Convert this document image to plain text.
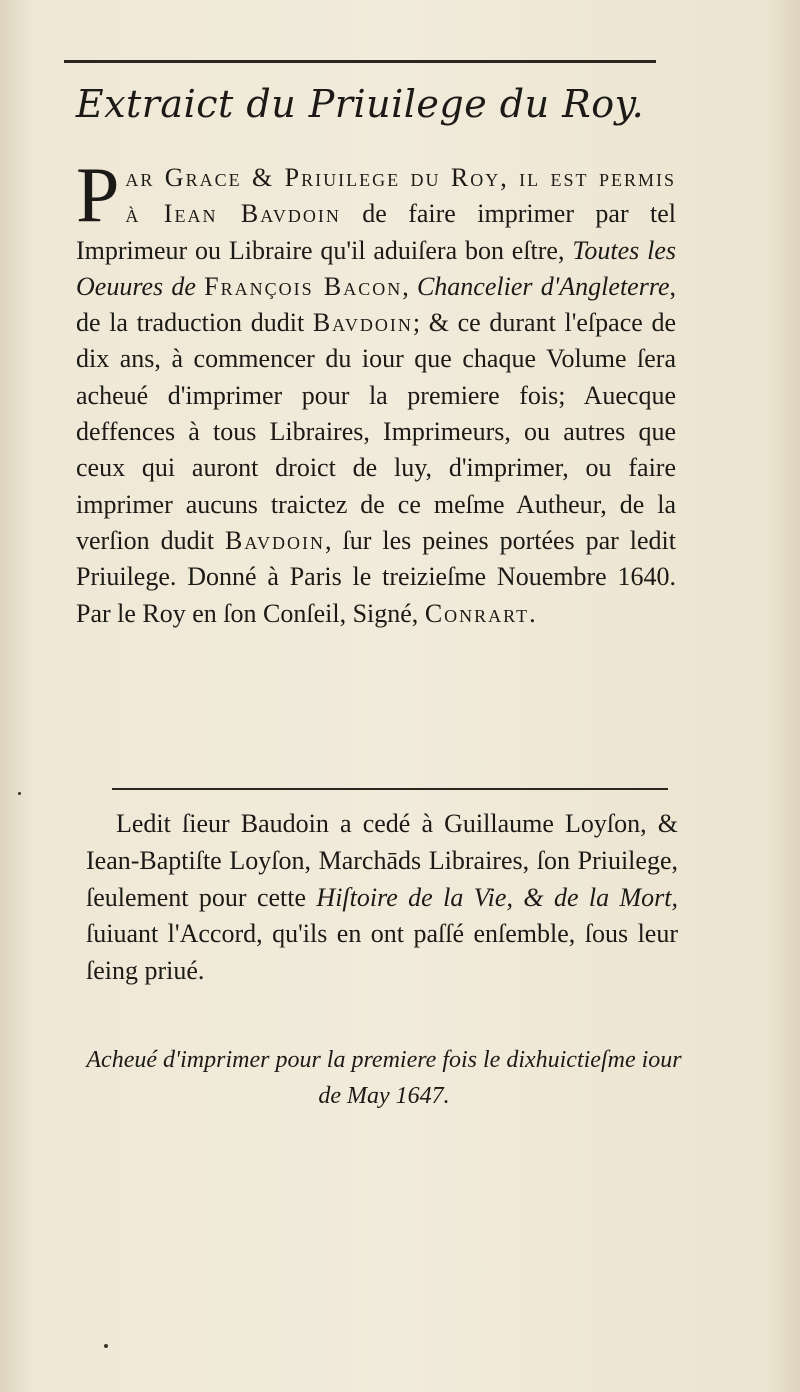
Extraict du Priuilege du Roy.

Par Grace & Priuilege du Roy, il eſt permis à Iean Bavdoin de faire imprimer par tel Imprimeur ou Libraire qu'il aduiſera bon eſtre, Toutes les Oeuures de François Bacon, Chancelier d'Angleterre, de la traduction dudit Bavdoin; & ce durant l'eſpace de dix ans, à commencer du iour que chaque Volume ſera acheué d'imprimer pour la premiere fois; Auecque deffences à tous Libraires, Imprimeurs, ou autres que ceux qui auront droict de luy, d'imprimer, ou faire imprimer aucuns traictez de ce meſme Autheur, de la verſion dudit Bavdoin, ſur les peines portées par ledit Priuilege. Donné à Paris le treizieſme Nouembre 1640. Par le Roy en ſon Conſeil, Signé, Conrart.

Ledit ſieur Baudoin a cedé à Guillaume Loyſon, & Iean-Baptiſte Loyſon, Marchāds Libraires, ſon Priuilege, ſeulement pour cette Hiſtoire de la Vie, & de la Mort, ſuiuant l'Accord, qu'ils en ont paſſé enſemble, ſous leur ſeing priué.

Acheué d'imprimer pour la premiere fois le dixhuictieſme iour de May 1647.
